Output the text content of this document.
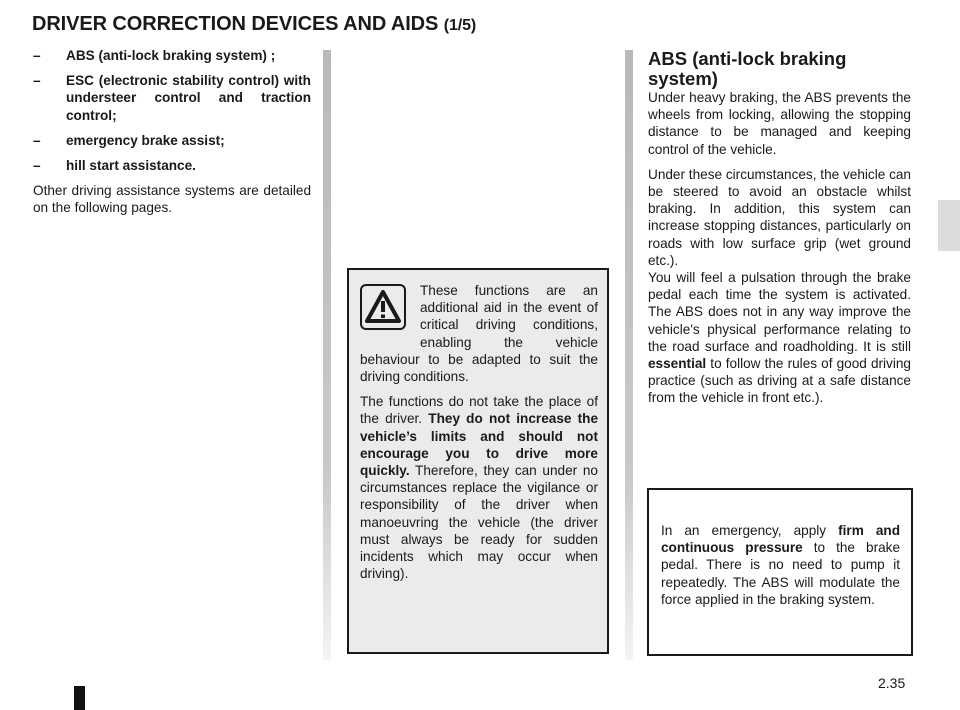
DRIVER CORRECTION DEVICES AND AIDS (1/5)
– ABS (anti-lock braking system) ;
– ESC (electronic stability control) with understeer control and traction control;
– emergency brake assist;
– hill start assistance.

Other driving assistance systems are detailed on the following pages.

These functions are an additional aid in the event of critical driving conditions, enabling the vehicle behaviour to be adapted to suit the driving conditions.

The functions do not take the place of the driver. They do not increase the vehicle’s limits and should not encourage you to drive more quickly. Therefore, they can under no circumstances replace the vigilance or responsibility of the driver when manoeuvring the vehicle (the driver must always be ready for sudden incidents which may occur when driving).

ABS (anti-lock braking system)

Under heavy braking, the ABS prevents the wheels from locking, allowing the stopping distance to be managed and keeping control of the vehicle.

Under these circumstances, the vehicle can be steered to avoid an obstacle whilst braking. In addition, this system can increase stopping distances, particularly on roads with low surface grip (wet ground etc.).
You will feel a pulsation through the brake pedal each time the system is activated. The ABS does not in any way improve the vehicle's physical performance relating to the road surface and roadholding. It is still essential to follow the rules of good driving practice (such as driving at a safe distance from the vehicle in front etc.).

In an emergency, apply firm and continuous pressure to the brake pedal. There is no need to pump it repeatedly. The ABS will modulate the force applied in the braking system.

2.35
